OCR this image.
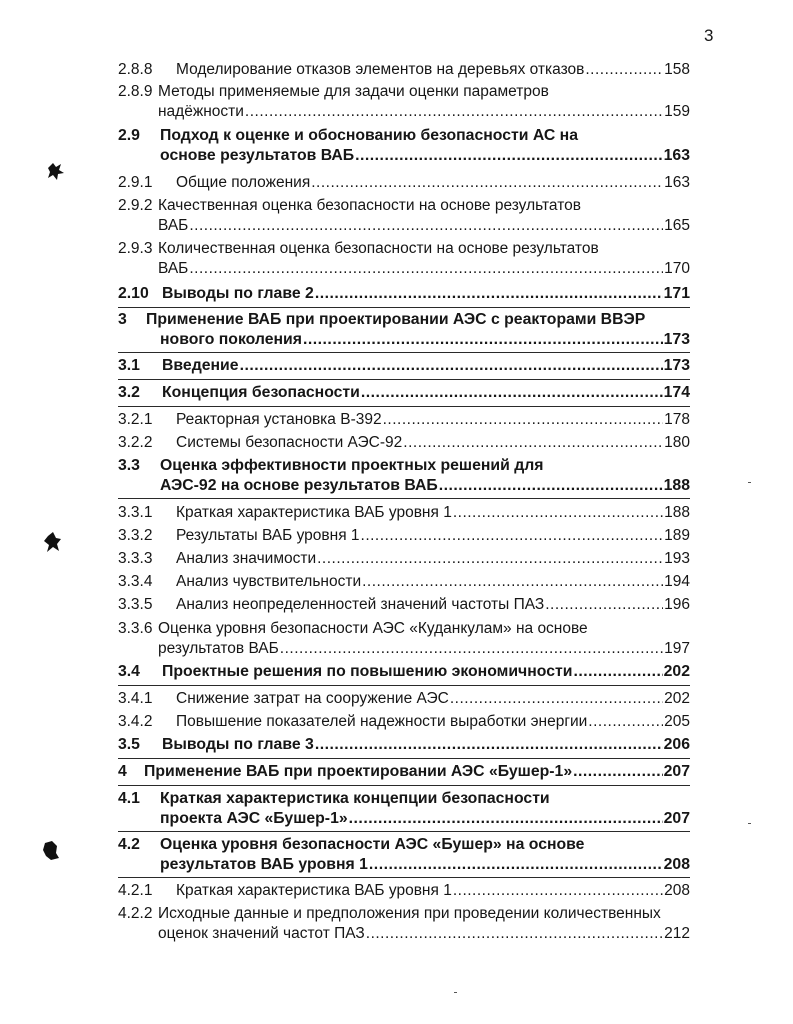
3
2.8.8 Моделирование отказов элементов на деревьях отказов .....	158
2.8.9 Методы применяемые для задачи оценки параметров
надёжности .....	159
2.9 Подход к оценке и обоснованию безопасности АС на
основе результатов ВАБ .....	163
2.9.1 Общие положения .....	163
2.9.2 Качественная оценка безопасности на основе результатов
ВАБ .....	165
2.9.3 Количественная оценка безопасности на основе результатов
ВАБ .....	170
2.10 Выводы по главе 2 .....	171
3 Применение ВАБ при проектировании АЭС с реакторами ВВЭР
нового поколения .....	173
3.1 Введение .....	173
3.2 Концепция безопасности .....	174
3.2.1 Реакторная установка В-392 .....	178
3.2.2 Системы безопасности АЭС-92 .....	180
3.3 Оценка эффективности проектных решений для
АЭС-92 на основе результатов ВАБ .....	188
3.3.1 Краткая характеристика ВАБ уровня 1 .....	188
3.3.2 Результаты ВАБ уровня 1 .....	189
3.3.3 Анализ значимости .....	193
3.3.4 Анализ чувствительности .....	194
3.3.5 Анализ неопределенностей значений частоты ПАЗ .....	196
3.3.6 Оценка уровня безопасности АЭС «Куданкулам» на основе
результатов ВАБ .....	197
3.4 Проектные решения по повышению экономичности .....	202
3.4.1 Снижение затрат на сооружение АЭС .....	202
3.4.2 Повышение показателей надежности выработки энергии .....	205
3.5 Выводы по главе 3 .....	206
4 Применение ВАБ при проектировании АЭС «Бушер-1» .....	207
4.1 Краткая характеристика концепции безопасности
проекта АЭС «Бушер-1» .....	207
4.2 Оценка уровня безопасности АЭС «Бушер» на основе
результатов ВАБ уровня 1 .....	208
4.2.1 Краткая характеристика ВАБ уровня 1 .....	208
4.2.2 Исходные данные и предположения при проведении количественных
оценок значений частот ПАЗ .....	212
